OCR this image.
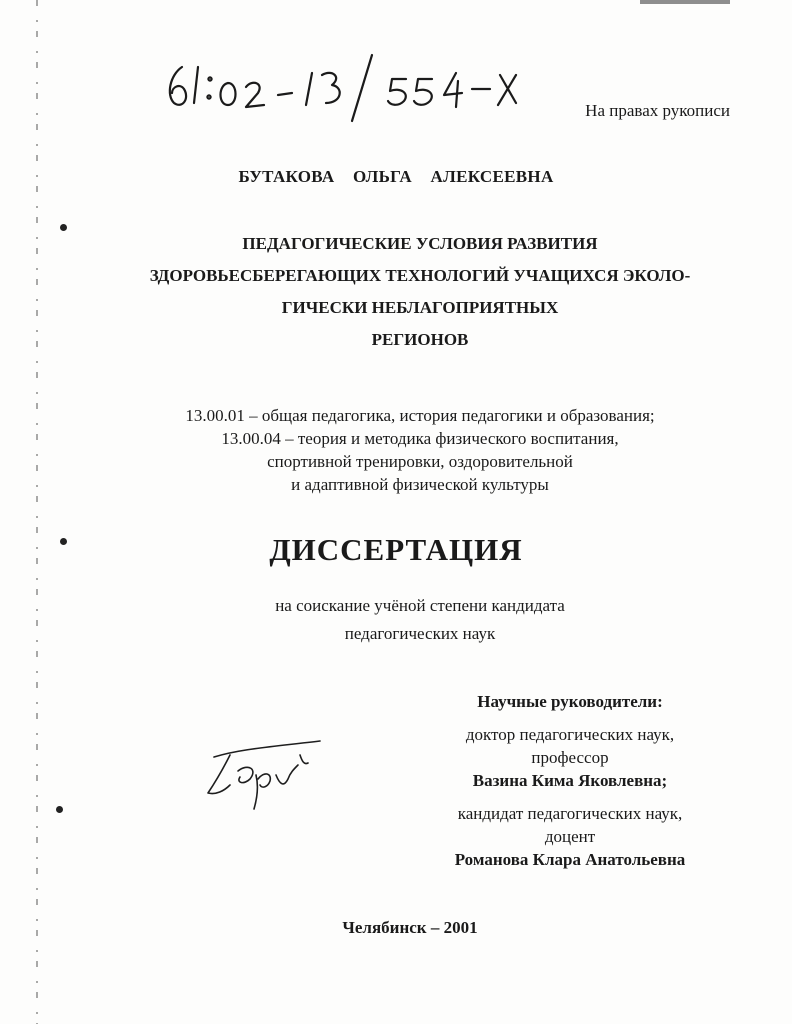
На правах рукописи
БУТАКОВА ОЛЬГА АЛЕКСЕЕВНА
ПЕДАГОГИЧЕСКИЕ УСЛОВИЯ РАЗВИТИЯ
ЗДОРОВЬЕСБЕРЕГАЮЩИХ ТЕХНОЛОГИЙ УЧАЩИХСЯ ЭКОЛО-
ГИЧЕСКИ НЕБЛАГОПРИЯТНЫХ
РЕГИОНОВ
13.00.01 – общая педагогика, история педагогики и образования;
13.00.04 – теория и методика физического воспитания,
спортивной тренировки, оздоровительной
и адаптивной физической культуры
ДИССЕРТАЦИЯ
на соискание учёной степени кандидата
педагогических наук
Научные руководители:
доктор педагогических наук,
профессор
Вазина Кима Яковлевна;
кандидат педагогических наук,
доцент
Романова Клара Анатольевна
Челябинск – 2001
